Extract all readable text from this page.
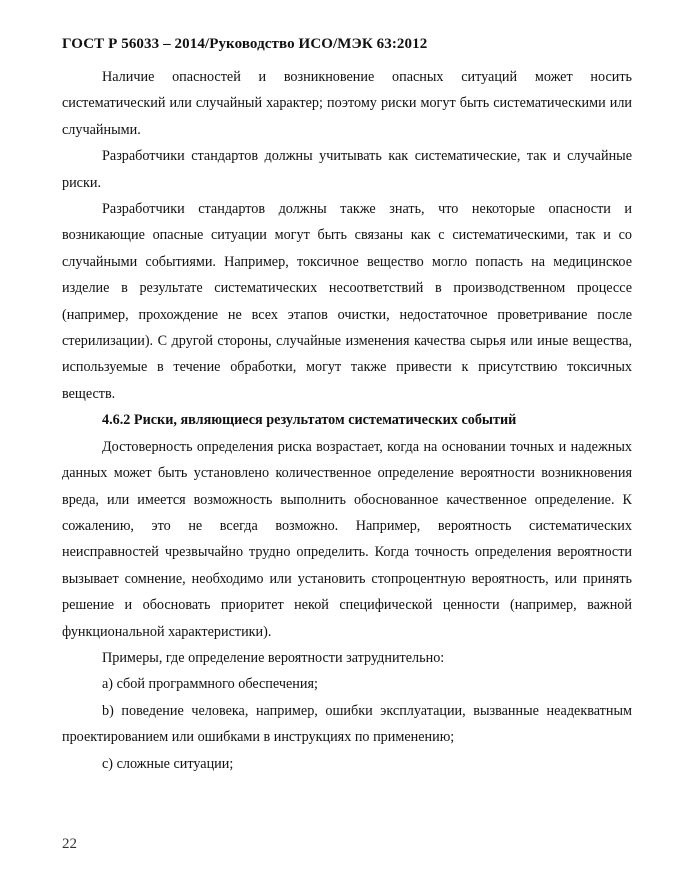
ГОСТ Р 56033 – 2014/Руководство ИСО/МЭК 63:2012

Наличие опасностей и возникновение опасных ситуаций может носить систематический или случайный характер; поэтому риски могут быть систематическими или случайными.

Разработчики стандартов должны учитывать как систематические, так и случайные риски.

Разработчики стандартов должны также знать, что некоторые опасности и возникающие опасные ситуации могут быть связаны как с систематическими, так и со случайными событиями. Например, токсичное вещество могло попасть на медицинское изделие в результате систематических несоответствий в производственном процессе (например, прохождение не всех этапов очистки, недостаточное проветривание после стерилизации). С другой стороны, случайные изменения качества сырья или иные вещества, используемые в течение обработки, могут также привести к присутствию токсичных веществ.

4.6.2 Риски, являющиеся результатом систематических событий

Достоверность определения риска возрастает, когда на основании точных и надежных данных может быть установлено количественное определение вероятности возникновения вреда, или имеется возможность выполнить обоснованное качественное определение. К сожалению, это не всегда возможно. Например, вероятность систематических неисправностей чрезвычайно трудно определить. Когда точность определения вероятности вызывает сомнение, необходимо или установить стопроцентную вероятность, или принять решение и обосновать приоритет некой специфической ценности (например, важной функциональной характеристики).

Примеры, где определение вероятности затруднительно:

а) сбой программного обеспечения;

b) поведение человека, например, ошибки эксплуатации, вызванные неадекватным проектированием или ошибками в инструкциях по применению;

с) сложные ситуации;

22
